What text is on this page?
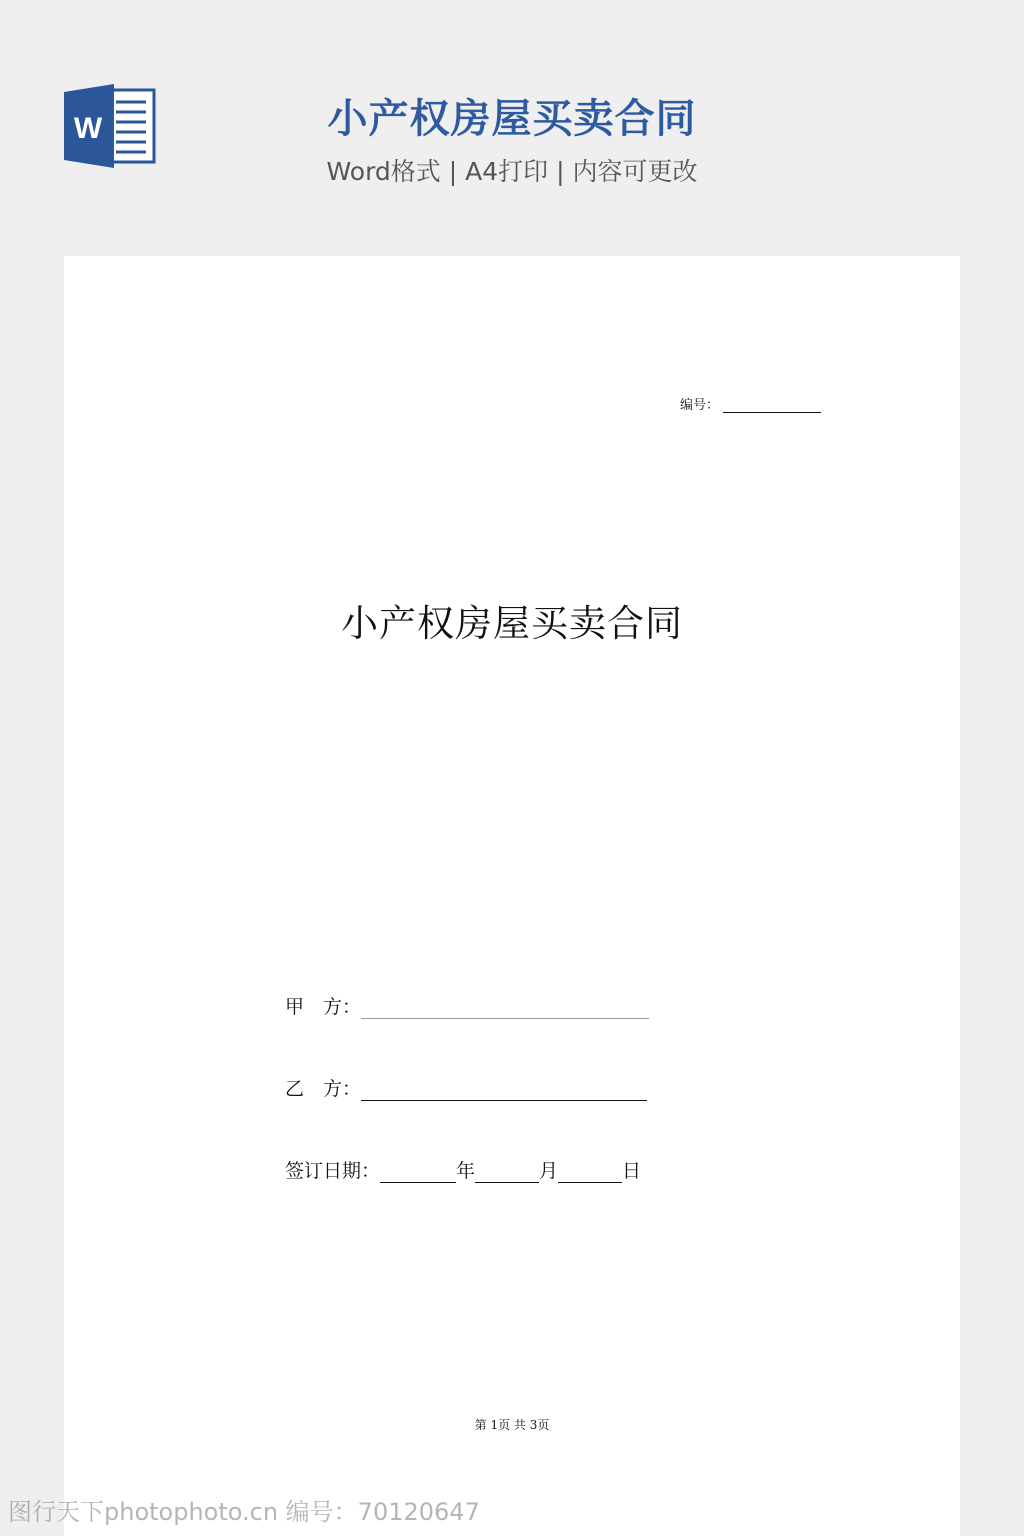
W	小产权房屋买卖合同
Word格式 | A4打印 | 内容可更改
编号：
小产权房屋买卖合同
甲　方：
乙　方：
签订日期：	年	月	日
第 1页 共 3页
图行天下photophoto.cn 编号：70120647
